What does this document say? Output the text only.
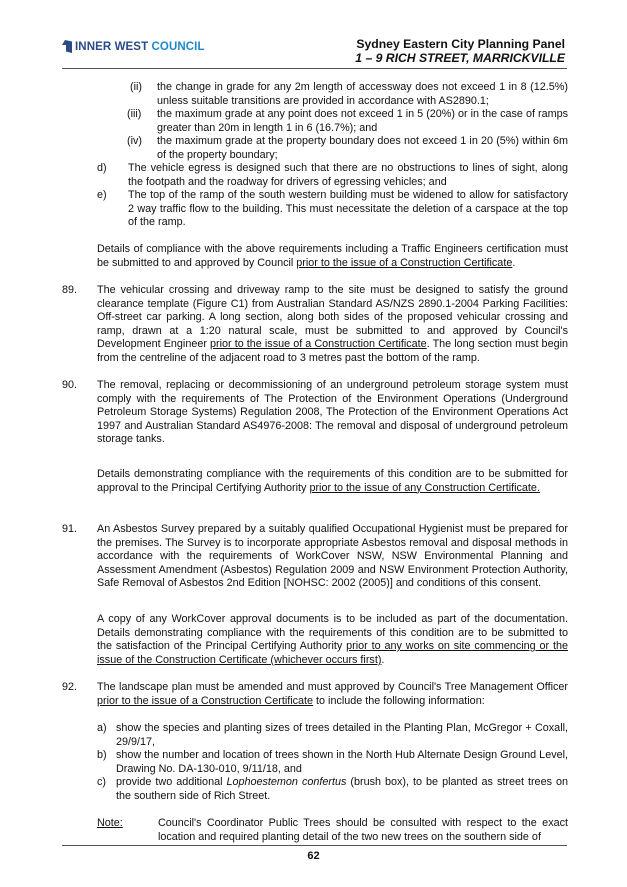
INNER WEST COUNCIL	Sydney Eastern City Planning Panel
1 – 9 RICH STREET, MARRICKVILLE
(ii) the change in grade for any 2m length of accessway does not exceed 1 in 8 (12.5%) unless suitable transitions are provided in accordance with AS2890.1;
(iii) the maximum grade at any point does not exceed 1 in 5 (20%) or in the case of ramps greater than 20m in length 1 in 6 (16.7%); and
(iv) the maximum grade at the property boundary does not exceed 1 in 20 (5%) within 6m of the property boundary;
d) The vehicle egress is designed such that there are no obstructions to lines of sight, along the footpath and the roadway for drivers of egressing vehicles; and
e) The top of the ramp of the south western building must be widened to allow for satisfactory 2 way traffic flow to the building. This must necessitate the deletion of a carspace at the top of the ramp.
Details of compliance with the above requirements including a Traffic Engineers certification must be submitted to and approved by Council prior to the issue of a Construction Certificate.
89. The vehicular crossing and driveway ramp to the site must be designed to satisfy the ground clearance template (Figure C1) from Australian Standard AS/NZS 2890.1-2004 Parking Facilities: Off-street car parking. A long section, along both sides of the proposed vehicular crossing and ramp, drawn at a 1:20 natural scale, must be submitted to and approved by Council's Development Engineer prior to the issue of a Construction Certificate. The long section must begin from the centreline of the adjacent road to 3 metres past the bottom of the ramp.
90. The removal, replacing or decommissioning of an underground petroleum storage system must comply with the requirements of The Protection of the Environment Operations (Underground Petroleum Storage Systems) Regulation 2008, The Protection of the Environment Operations Act 1997 and Australian Standard AS4976-2008: The removal and disposal of underground petroleum storage tanks.
Details demonstrating compliance with the requirements of this condition are to be submitted for approval to the Principal Certifying Authority prior to the issue of any Construction Certificate.
91. An Asbestos Survey prepared by a suitably qualified Occupational Hygienist must be prepared for the premises. The Survey is to incorporate appropriate Asbestos removal and disposal methods in accordance with the requirements of WorkCover NSW, NSW Environmental Planning and Assessment Amendment (Asbestos) Regulation 2009 and NSW Environment Protection Authority, Safe Removal of Asbestos 2nd Edition [NOHSC: 2002 (2005)] and conditions of this consent.
A copy of any WorkCover approval documents is to be included as part of the documentation. Details demonstrating compliance with the requirements of this condition are to be submitted to the satisfaction of the Principal Certifying Authority prior to any works on site commencing or the issue of the Construction Certificate (whichever occurs first).
92. The landscape plan must be amended and must approved by Council's Tree Management Officer prior to the issue of a Construction Certificate to include the following information:
a) show the species and planting sizes of trees detailed in the Planting Plan, McGregor + Coxall, 29/9/17,
b) show the number and location of trees shown in the North Hub Alternate Design Ground Level, Drawing No. DA-130-010, 9/11/18, and
c) provide two additional Lophoestemon confertus (brush box), to be planted as street trees on the southern side of Rich Street.
Note:	Council's Coordinator Public Trees should be consulted with respect to the exact location and required planting detail of the two new trees on the southern side of
62
